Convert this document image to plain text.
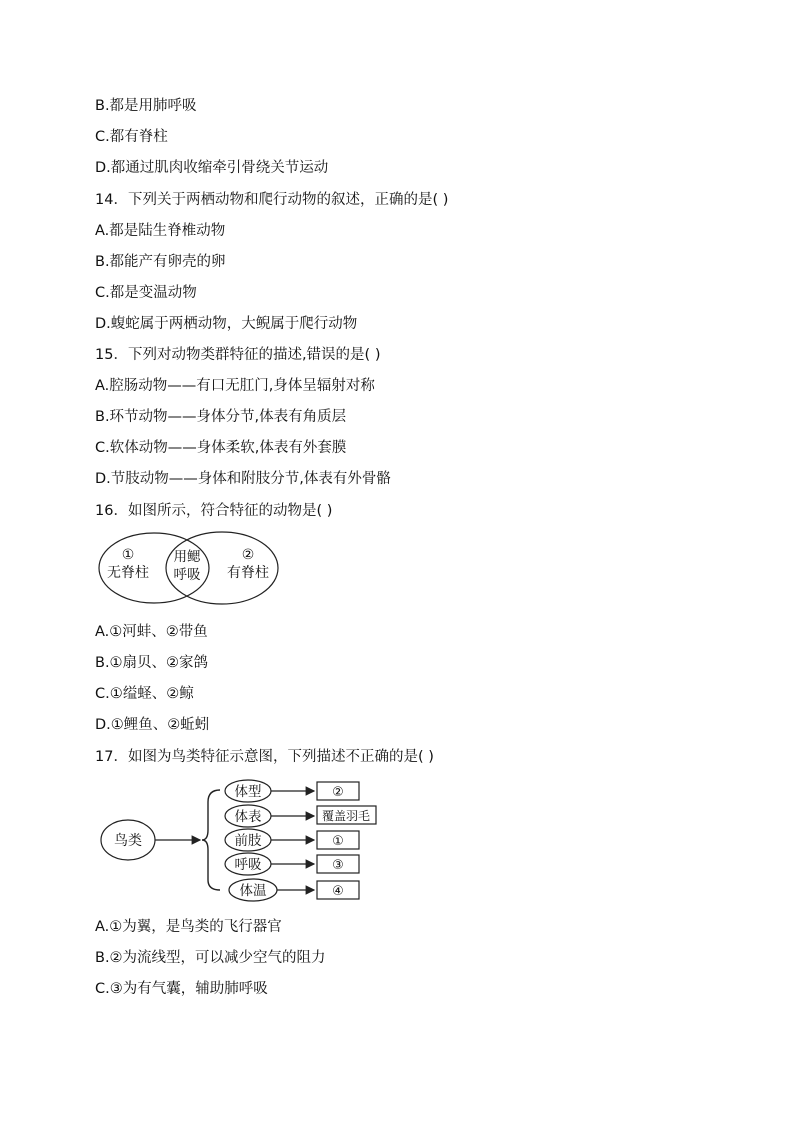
B.都是用肺呼吸
C.都有脊柱
D.都通过肌肉收缩牵引骨绕关节运动
14．下列关于两栖动物和爬行动物的叙述，正确的是( )
A.都是陆生脊椎动物
B.都能产有卵壳的卵
C.都是变温动物
D.蝮蛇属于两栖动物，大鲵属于爬行动物
15．下列对动物类群特征的描述,错误的是( )
A.腔肠动物——有口无肛门,身体呈辐射对称
B.环节动物——身体分节,体表有角质层
C.软体动物——身体柔软,体表有外套膜
D.节肢动物——身体和附肢分节,体表有外骨骼
16．如图所示，符合特征的动物是( )
①
无脊柱
用鳃
呼吸
②
有脊柱
A.①河蚌、②带鱼
B.①扇贝、②家鸽
C.①缢蛏、②鲸
D.①鲤鱼、②蚯蚓
17．如图为鸟类特征示意图，下列描述不正确的是( )
鸟类
体型	②
体表	覆盖羽毛
前肢	①
呼吸	③
体温	④
A.①为翼，是鸟类的飞行器官
B.②为流线型，可以减少空气的阻力
C.③为有气囊，辅助肺呼吸
